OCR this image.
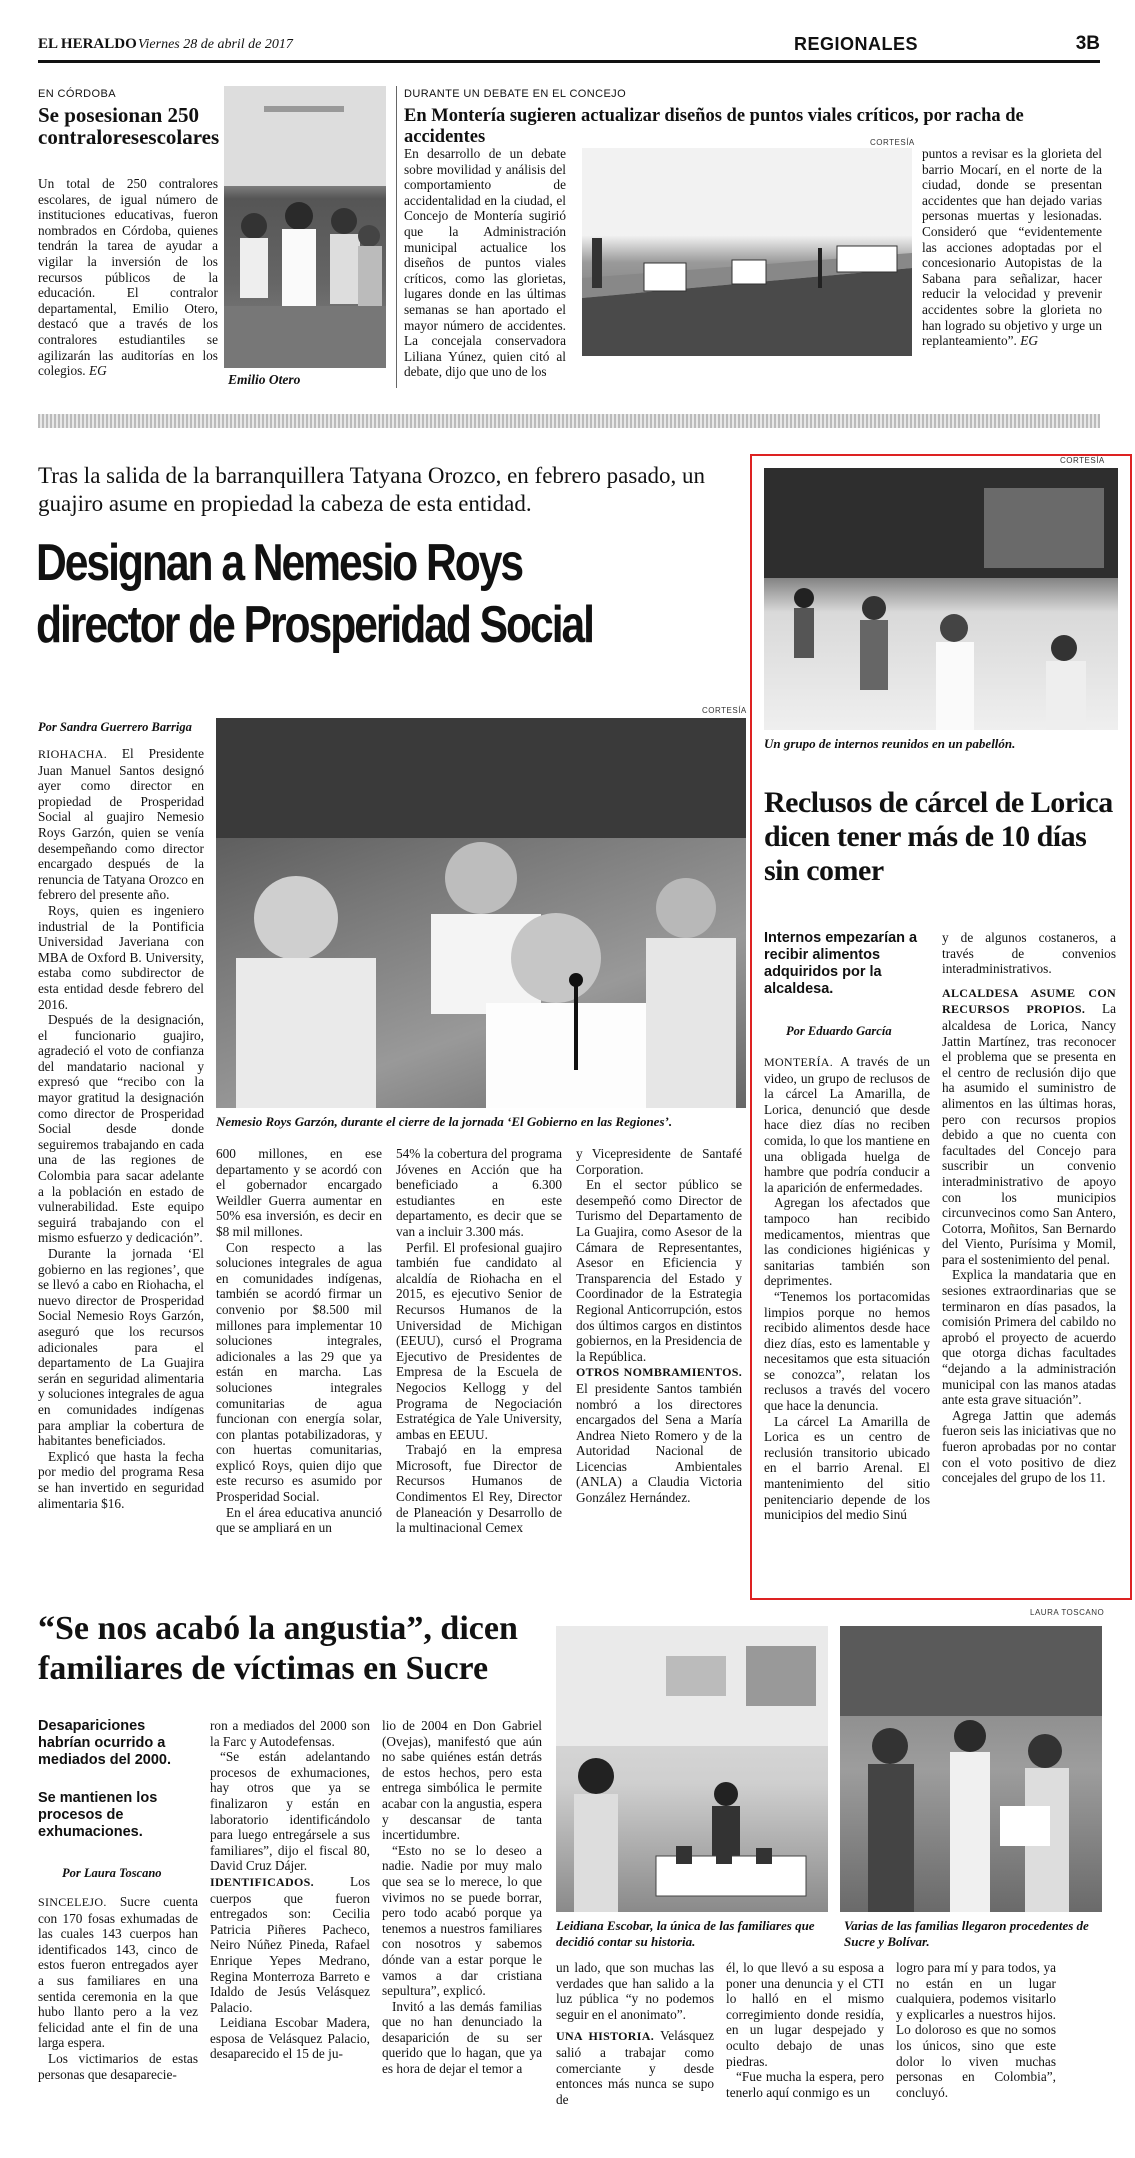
EL HERALDO Viernes 28 de abril de 2017	REGIONALES	3B
EN CÓRDOBA
Se posesionan 250 contraloresescolares

Un total de 250 contralores escolares, de igual número de instituciones educativas, fueron nombrados en Córdoba, quienes tendrán la tarea de ayudar a vigilar la inversión de los recursos públicos de la educación. El contralor departamental, Emilio Otero, destacó que a través de los contralores estudiantiles se agilizarán las auditorías en los colegios. EG

Emilio Otero
DURANTE UN DEBATE EN EL CONCEJO
En Montería sugieren actualizar diseños de puntos viales críticos, por racha de accidentes

En desarrollo de un debate sobre movilidad y análisis del comportamiento de accidentalidad en la ciudad, el Concejo de Montería sugirió que la Administración municipal actualice los diseños de puntos viales críticos, como las glorietas, lugares donde en las últimas semanas se han aportado el mayor número de accidentes. La concejala conservadora Liliana Yúnez, quien citó al debate, dijo que uno de los

CORTESÍA

puntos a revisar es la glorieta del barrio Mocarí, en el norte de la ciudad, donde se presentan accidentes que han dejado varias personas muertas y lesionadas. Consideró que “evidentemente las acciones adoptadas por el concesionario Autopistas de la Sabana para señalizar, hacer reducir la velocidad y prevenir accidentes sobre la glorieta no han logrado su objetivo y urge un replanteamiento”. EG

Tras la salida de la barranquillera Tatyana Orozco, en febrero pasado, un guajiro asume en propiedad la cabeza de esta entidad.
Designan a Nemesio Roys
director de Prosperidad Social
Por Sandra Guerrero Barriga
CORTESÍA
Nemesio Roys Garzón, durante el cierre de la jornada ‘El Gobierno en las Regiones’.

RIOHACHA. El Presidente Juan Manuel Santos designó ayer como director en propiedad de Prosperidad Social al guajiro Nemesio Roys Garzón, quien se venía desempeñando como director encargado después de la renuncia de Tatyana Orozco en febrero del presente año.

Roys, quien es ingeniero industrial de la Pontificia Universidad Javeriana con MBA de Oxford B. University, estaba como subdirector de esta entidad desde febrero del 2016.

Después de la designación, el funcionario guajiro, agradeció el voto de confianza del mandatario nacional y expresó que “recibo con la mayor gratitud la designación como director de Prosperidad Social desde donde seguiremos trabajando en cada una de las regiones de Colombia para sacar adelante a la población en estado de vulnerabilidad. Este equipo seguirá trabajando con el mismo esfuerzo y dedicación”.

Durante la jornada ‘El gobierno en las regiones’, que se llevó a cabo en Riohacha, el nuevo director de Prosperidad Social Nemesio Roys Garzón, aseguró que los recursos adicionales para el departamento de La Guajira serán en seguridad alimentaria y soluciones integrales de agua en comunidades indígenas para ampliar la cobertura de habitantes beneficiados.

Explicó que hasta la fecha por medio del programa Resa se han invertido en seguridad alimentaria $16.

600 millones, en ese departamento y se acordó con el gobernador encargado Weildler Guerra aumentar en 50% esa inversión, es decir en $8 mil millones.

Con respecto a las soluciones integrales de agua en comunidades indígenas, también se acordó firmar un convenio por $8.500 mil millones para implementar 10 soluciones integrales, adicionales a las 29 que ya están en marcha. Las soluciones integrales comunitarias de agua funcionan con energía solar, con plantas potabilizadoras, y con huertas comunitarias, explicó Roys, quien dijo que este recurso es asumido por Prosperidad Social.

En el área educativa anunció que se ampliará en un

54% la cobertura del programa Jóvenes en Acción que ha beneficiado a 6.300 estudiantes en este departamento, es decir que se van a incluir 3.300 más.

Perfil. El profesional guajiro también fue candidato al alcaldía de Riohacha en el 2015, es ejecutivo Senior de Recursos Humanos de la Universidad de Michigan (EEUU), cursó el Programa Ejecutivo de Presidentes de Empresa de la Escuela de Negocios Kellogg y del Programa de Negociación Estratégica de Yale University, ambas en EEUU.

Trabajó en la empresa Microsoft, fue Director de Recursos Humanos de Condimentos El Rey, Director de Planeación y Desarrollo de la multinacional Cemex

y Vicepresidente de Santafé Corporation.

En el sector público se desempeñó como Director de Turismo del Departamento de La Guajira, como Asesor de la Cámara de Representantes, Asesor en Eficiencia y Transparencia del Estado y Coordinador de la Estrategia Regional Anticorrupción, estos dos últimos cargos en distintos gobiernos, en la Presidencia de la República.

OTROS NOMBRAMIENTOS. El presidente Santos también nombró a los directores encargados del Sena a María Andrea Nieto Romero y de la Autoridad Nacional de Licencias Ambientales (ANLA) a Claudia Victoria González Hernández.

CORTESÍA
Un grupo de internos reunidos en un pabellón.
Reclusos de cárcel de Lorica dicen tener más de 10 días sin comer
Internos empezarían a recibir alimentos adquiridos por la alcaldesa.
Por Eduardo García

MONTERÍA. A través de un video, un grupo de reclusos de la cárcel La Amarilla, de Lorica, denunció que desde hace diez días no reciben comida, lo que los mantiene en una obligada huelga de hambre que podría conducir a la aparición de enfermedades.

Agregan los afectados que tampoco han recibido medicamentos, mientras que las condiciones higiénicas y sanitarias también son deprimentes.

“Tenemos los portacomidas limpios porque no hemos recibido alimentos desde hace diez días, esto es lamentable y necesitamos que esta situación se conozca”, relatan los reclusos a través del vocero que hace la denuncia.

La cárcel La Amarilla de Lorica es un centro de reclusión transitorio ubicado en el barrio Arenal. El mantenimiento del sitio penitenciario depende de los municipios del medio Sinú

y de algunos costaneros, a través de convenios interadministrativos.

ALCALDESA ASUME CON RECURSOS PROPIOS. La alcaldesa de Lorica, Nancy Jattin Martínez, tras reconocer el problema que se presenta en el centro de reclusión dijo que ha asumido el suministro de alimentos en las últimas horas, pero con recursos propios debido a que no cuenta con facultades del Concejo para suscribir un convenio interadministrativo de apoyo con los municipios circunvecinos como San Antero, Cotorra, Moñitos, San Bernardo del Viento, Purísima y Momil, para el sostenimiento del penal.

Explica la mandataria que en sesiones extraordinarias que se terminaron en días pasados, la comisión Primera del cabildo no aprobó el proyecto de acuerdo que otorga dichas facultades “dejando a la administración municipal con las manos atadas ante esta grave situación”.

Agrega Jattin que además fueron seis las iniciativas que no fueron aprobadas por no contar con el voto positivo de diez concejales del grupo de los 11.

“Se nos acabó la angustia”, dicen
familiares de víctimas en Sucre
LAURA TOSCANO
Desapariciones habrían ocurrido a mediados del 2000.
Se mantienen los procesos de exhumaciones.
Por Laura Toscano

SINCELEJO. Sucre cuenta con 170 fosas exhumadas de las cuales 143 cuerpos han identificados 143, cinco de estos fueron entregados ayer a sus familiares en una sentida ceremonia en la que hubo llanto pero a la vez felicidad ante el fin de una larga espera.

Los victimarios de estas personas que desaparecie-

ron a mediados del 2000 son la Farc y Autodefensas.

“Se están adelantando procesos de exhumaciones, hay otros que ya se finalizaron y están en laboratorio identificándolo para luego entregársele a sus familiares”, dijo el fiscal 80, David Cruz Dájer.

IDENTIFICADOS.	Los cuerpos que fueron entregados son: Cecilia Patricia Piñeres Pacheco, Neiro Núñez Pineda, Rafael Enrique Yepes Medrano, Regina Monterroza Barreto e Idaldo de Jesús Velásquez Palacio.

Leidiana Escobar Madera, esposa de Velásquez Palacio, desaparecido el 15 de ju-

lio de 2004 en Don Gabriel (Ovejas), manifestó que aún no sabe quiénes están detrás de estos hechos, pero esta entrega simbólica le permite acabar con la angustia, espera y descansar de tanta incertidumbre.

“Esto no se lo deseo a nadie. Nadie por muy malo que sea se lo merece, lo que vivimos no se puede borrar, pero todo acabó porque ya tenemos a nuestros familiares con nosotros y sabemos dónde van a estar porque le vamos a dar cristiana sepultura”, explicó.

Invitó a las demás familias que no han denunciado la desaparición de su ser querido que lo hagan, que ya es hora de dejar el temor a

Leidiana Escobar, la única de las familiares que decidió contar su historia.
Varias de las familias llegaron procedentes de Sucre y Bolívar.

un lado, que son muchas las verdades que han salido a la luz pública “y no podemos seguir en el anonimato”.

UNA HISTORIA. Velásquez salió a trabajar como comerciante y desde entonces más nunca se supo de

él, lo que llevó a su esposa a poner una denuncia y el CTI lo halló en el mismo corregimiento donde residía, en un lugar despejado y oculto debajo de unas piedras.

“Fue mucha la espera, pero tenerlo aquí conmigo es un

logro para mí y para todos, ya no están en un lugar cualquiera, podemos visitarlo y explicarles a nuestros hijos. Lo doloroso es que no somos los únicos, sino que este dolor lo viven muchas personas en Colombia”, concluyó.
